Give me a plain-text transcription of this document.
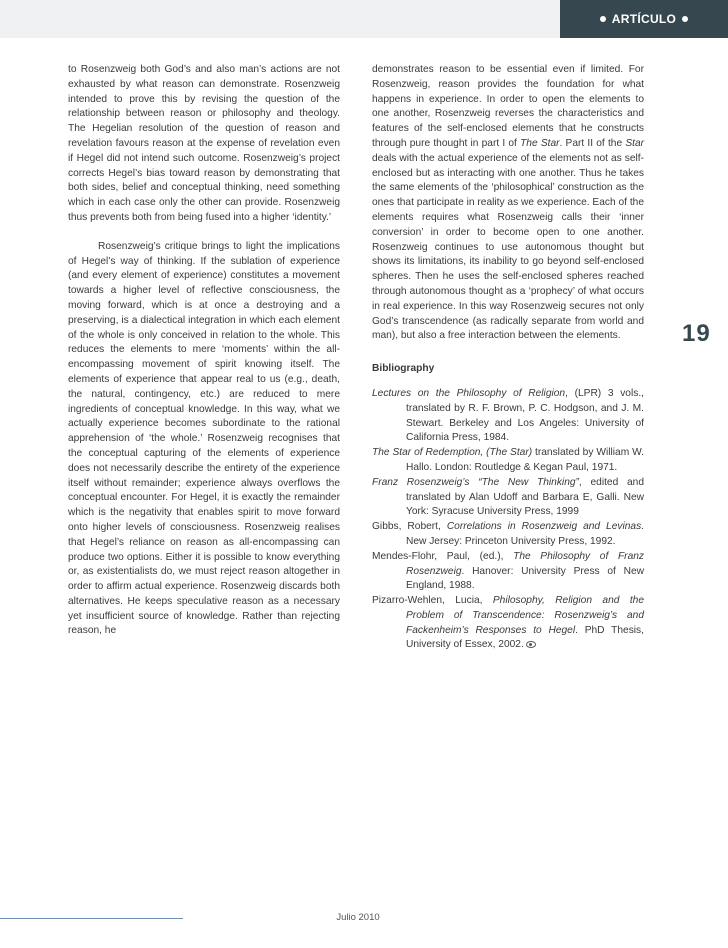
ARTÍCULO

to Rosenzweig both God’s and also man’s actions are not exhausted by what reason can demonstrate. Rosenzweig intended to prove this by revising the question of the relationship between reason or philosophy and theology. The Hegelian resolution of the question of reason and revelation favours reason at the expense of revelation even if Hegel did not intend such outcome. Rosenzweig’s project corrects Hegel’s bias toward reason by demonstrating that both sides, belief and conceptual thinking, need something which in each case only the other can provide. Rosenzweig thus prevents both from being fused into a higher ‘identity.’

Rosenzweig’s critique brings to light the implications of Hegel’s way of thinking. If the sublation of experience (and every element of experience) constitutes a movement towards a higher level of reflective consciousness, the moving forward, which is at once a destroying and a preserving, is a dialectical integration in which each element of the whole is only conceived in relation to the whole. This reduces the elements to mere ‘moments’ within the all-encompassing movement of spirit knowing itself. The elements of experience that appear real to us (e.g., death, the natural, contingency, etc.) are reduced to mere ingredients of conceptual knowledge. In this way, what we actually experience becomes subordinate to the rational apprehension of ‘the whole.’ Rosenzweig recognises that the conceptual capturing of the elements of experience does not necessarily describe the entirety of the experience itself without remainder; experience always overflows the conceptual encounter. For Hegel, it is exactly the remainder which is the negativity that enables spirit to move forward onto higher levels of consciousness. Rosenzweig realises that Hegel’s reliance on reason as all-encompassing can produce two options. Either it is possible to know everything or, as existentialists do, we must reject reason altogether in order to affirm actual experience. Rosenzweig discards both alternatives. He keeps speculative reason as a necessary yet insufficient source of knowledge. Rather than rejecting reason, he

demonstrates reason to be essential even if limited. For Rosenzweig, reason provides the foundation for what happens in experience. In order to open the elements to one another, Rosenzweig reverses the characteristics and features of the self-enclosed elements that he constructs through pure thought in part I of The Star. Part II of the Star deals with the actual experience of the elements not as self-enclosed but as interacting with one another. Thus he takes the same elements of the ‘philosophical’ construction as the ones that participate in reality as we experience. Each of the elements requires what Rosenzweig calls their ‘inner conversion’ in order to become open to one another. Rosenzweig continues to use autonomous thought but shows its limitations, its inability to go beyond self-enclosed spheres. Then he uses the self-enclosed spheres reached through autonomous thought as a ‘prophecy’ of what occurs in real experience. In this way Rosenzweig secures not only God’s transcendence (as radically separate from world and man), but also a free interaction between the elements.

Bibliography

Lectures on the Philosophy of Religion, (LPR) 3 vols., translated by R. F. Brown, P. C. Hodgson, and J. M. Stewart. Berkeley and Los Angeles: University of California Press, 1984.

The Star of Redemption, (The Star) translated by William W. Hallo. London: Routledge & Kegan Paul, 1971.

Franz Rosenzweig’s “The New Thinking”, edited and translated by Alan Udoff and Barbara E, Galli. New York: Syracuse University Press, 1999

Gibbs, Robert, Correlations in Rosenzweig and Levinas. New Jersey: Princeton University Press, 1992.

Mendes-Flohr, Paul, (ed.), The Philosophy of Franz Rosenzweig. Hanover: University Press of New England, 1988.

Pizarro-Wehlen, Lucia, Philosophy, Religion and the Problem of Transcendence: Rosenzweig’s and Fackenheim’s Responses to Hegel. PhD Thesis, University of Essex, 2002.

19
Julio 2010
